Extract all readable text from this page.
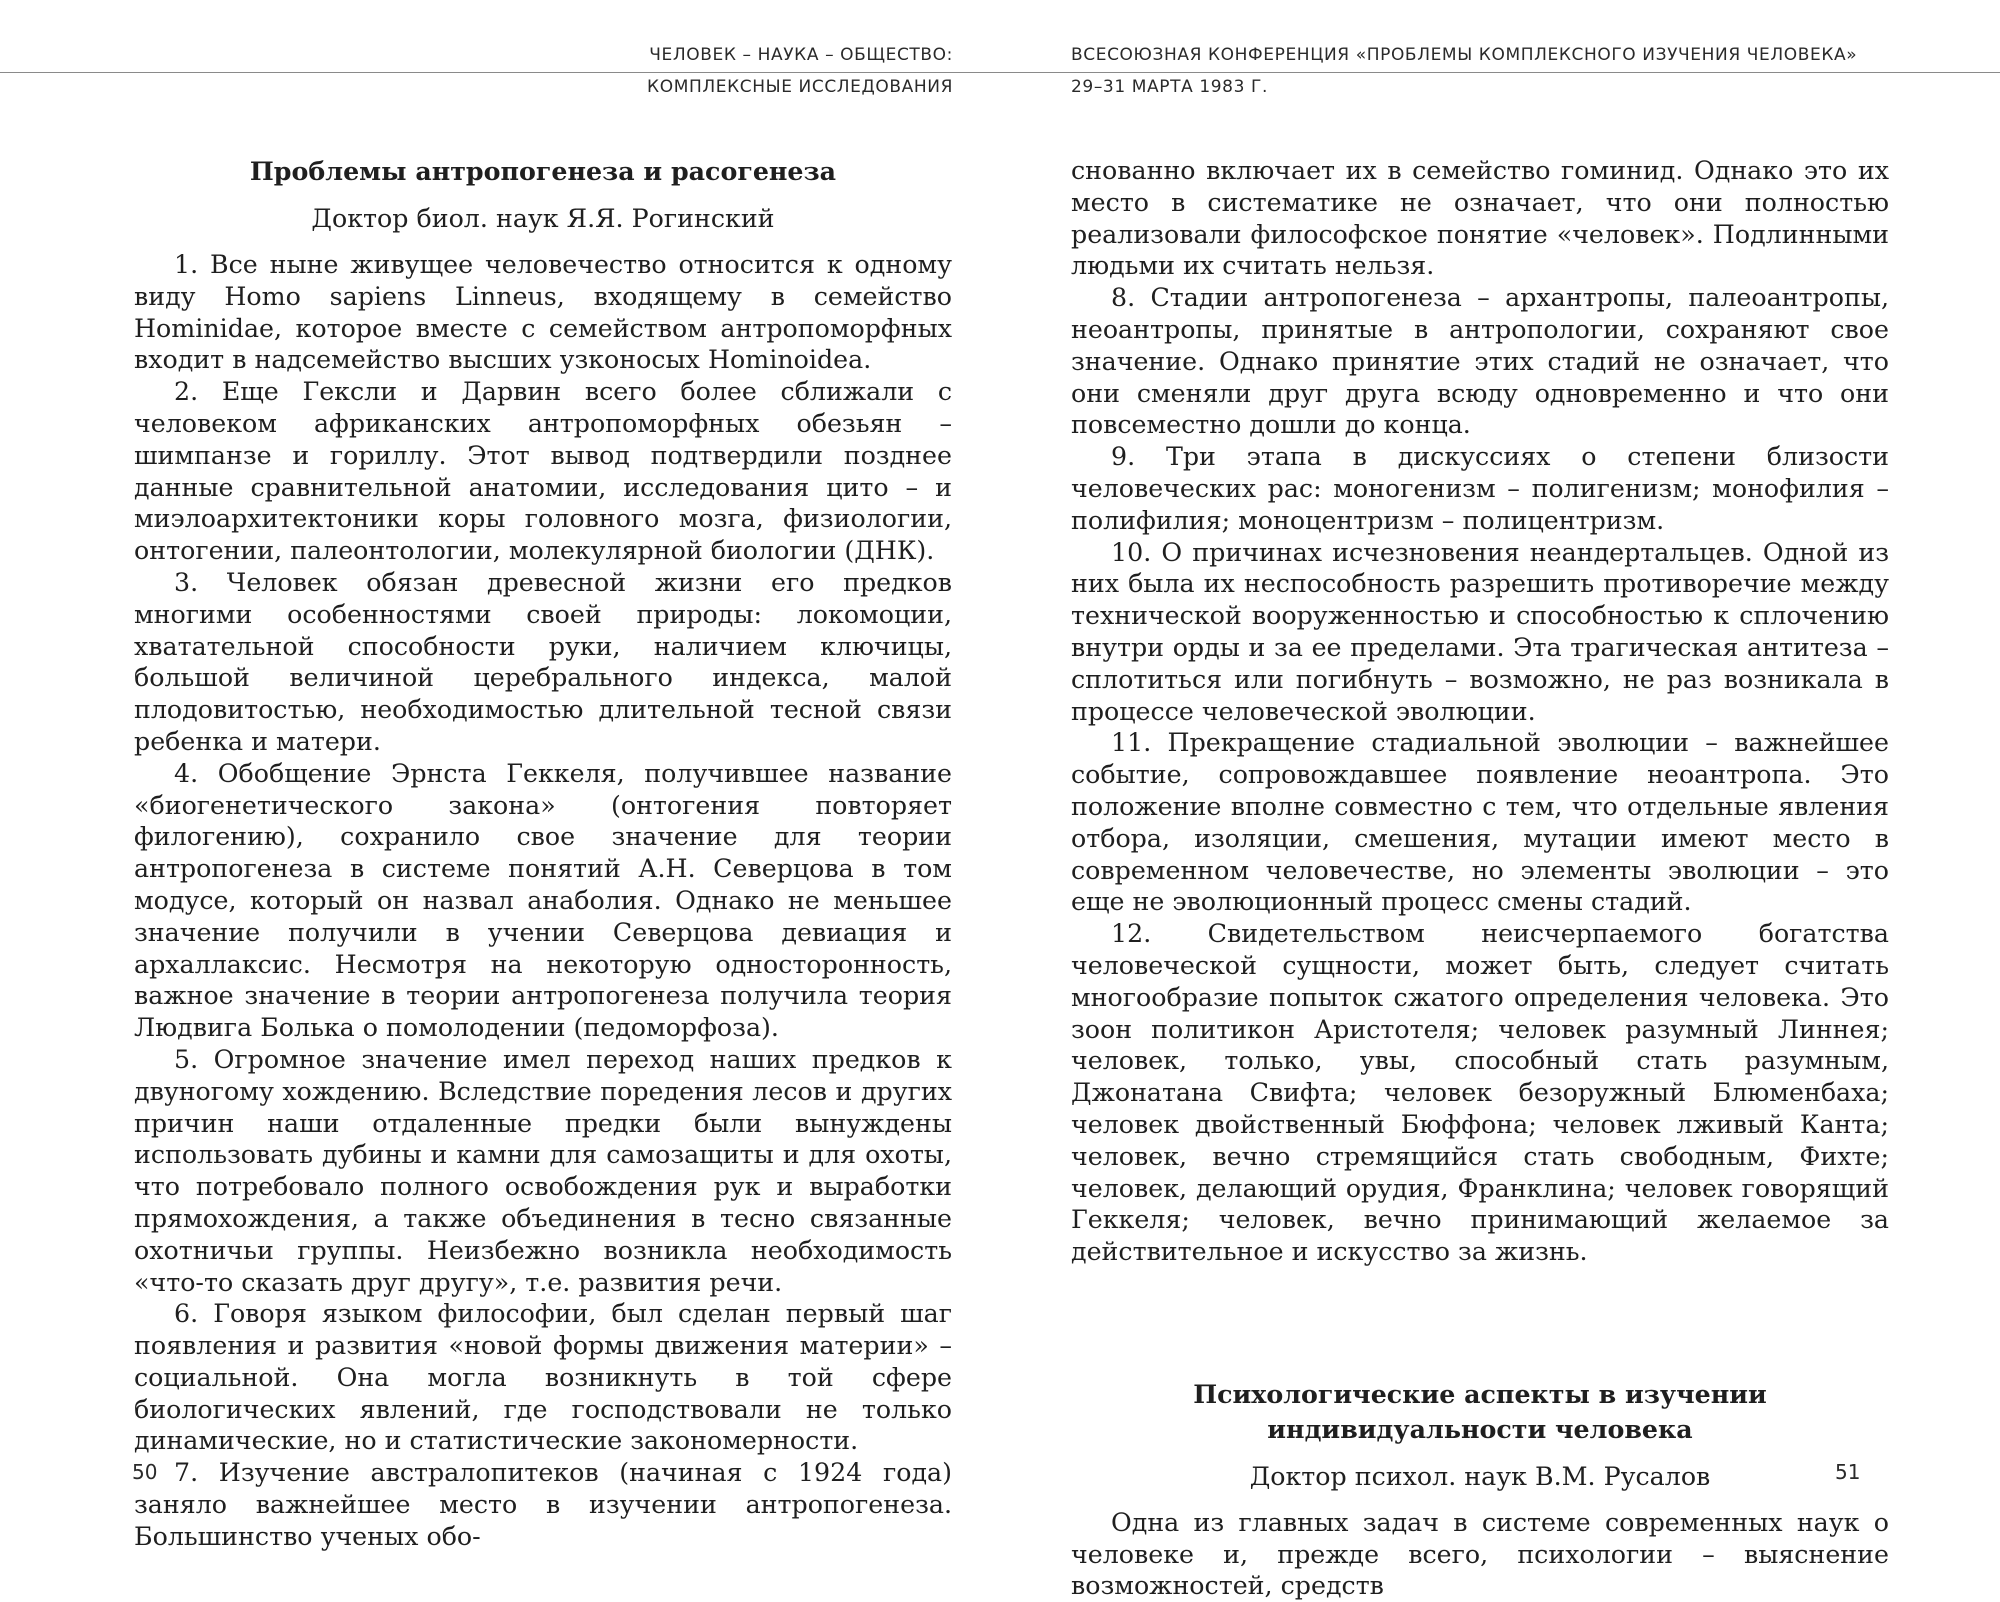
ЧЕЛОВЕК – НАУКА – ОБЩЕСТВО:
КОМПЛЕКСНЫЕ ИССЛЕДОВАНИЯ
ВСЕСОЮЗНАЯ КОНФЕРЕНЦИЯ «ПРОБЛЕМЫ КОМПЛЕКСНОГО ИЗУЧЕНИЯ ЧЕЛОВЕКА»
29–31 МАРТА 1983 Г.
Проблемы антропогенеза и расогенеза
Доктор биол. наук Я.Я. Рогинский

1. Все ныне живущее человечество относится к одному виду Homo sapiens Linneus, входящему в семейство Hominidae, которое вместе с семейством антропоморфных входит в надсемейство высших узконосых Hominoidea.

2. Еще Гексли и Дарвин всего более сближали с человеком африканских антропоморфных обезьян – шимпанзе и гориллу. Этот вывод подтвердили позднее данные сравнительной анатомии, исследования цито – и миэлоархитектоники коры головного мозга, физиологии, онтогении, палеонтологии, молекулярной биологии (ДНК).

3. Человек обязан древесной жизни его предков многими особенностями своей природы: локомоции, хватательной способности руки, наличием ключицы, большой величиной церебрального индекса, малой плодовитостью, необходимостью длительной тесной связи ребенка и матери.

4. Обобщение Эрнста Геккеля, получившее название «биогенетического закона» (онтогения повторяет филогению), сохранило свое значение для теории антропогенеза в системе понятий А.Н. Северцова в том модусе, который он назвал анаболия. Однако не меньшее значение получили в учении Северцова девиация и архаллаксис. Несмотря на некоторую односторонность, важное значение в теории антропогенеза получила теория Людвига Болька о помолодении (педоморфоза).

5. Огромное значение имел переход наших предков к двуногому хождению. Вследствие поредения лесов и других причин наши отдаленные предки были вынуждены использовать дубины и камни для самозащиты и для охоты, что потребовало полного освобождения рук и выработки прямохождения, а также объединения в тесно связанные охотничьи группы. Неизбежно возникла необходимость «что-то сказать друг другу», т.е. развития речи.

6. Говоря языком философии, был сделан первый шаг появления и развития «новой формы движения материи» – социальной. Она могла возникнуть в той сфере биологических явлений, где господствовали не только динамические, но и статистические закономерности.

7. Изучение австралопитеков (начиная с 1924 года) заняло важнейшее место в изучении антропогенеза. Большинство ученых обо-

снованно включает их в семейство гоминид. Однако это их место в систематике не означает, что они полностью реализовали философское понятие «человек». Подлинными людьми их считать нельзя.

8. Стадии антропогенеза – архантропы, палеоантропы, неоантропы, принятые в антропологии, сохраняют свое значение. Однако принятие этих стадий не означает, что они сменяли друг друга всюду одновременно и что они повсеместно дошли до конца.

9. Три этапа в дискуссиях о степени близости человеческих рас: моногенизм – полигенизм; монофилия – полифилия; моноцентризм – полицентризм.

10. О причинах исчезновения неандертальцев. Одной из них была их неспособность разрешить противоречие между технической вооруженностью и способностью к сплочению внутри орды и за ее пределами. Эта трагическая антитеза – сплотиться или погибнуть – возможно, не раз возникала в процессе человеческой эволюции.

11. Прекращение стадиальной эволюции – важнейшее событие, сопровождавшее появление неоантропа. Это положение вполне совместно с тем, что отдельные явления отбора, изоляции, смешения, мутации имеют место в современном человечестве, но элементы эволюции – это еще не эволюционный процесс смены стадий.

12. Свидетельством неисчерпаемого богатства человеческой сущности, может быть, следует считать многообразие попыток сжатого определения человека. Это зоон политикон Аристотеля; человек разумный Линнея; человек, только, увы, способный стать разумным, Джонатана Свифта; человек безоружный Блюменбаха; человек двойственный Бюффона; человек лживый Канта; человек, вечно стремящийся стать свободным, Фихте; человек, делающий орудия, Франклина; человек говорящий Геккеля; человек, вечно принимающий желаемое за действительное и искусство за жизнь.

Психологические аспекты в изучении
индивидуальности человека
Доктор психол. наук В.М. Русалов

Одна из главных задач в системе современных наук о человеке и, прежде всего, психологии – выяснение возможностей, средств

50	51
